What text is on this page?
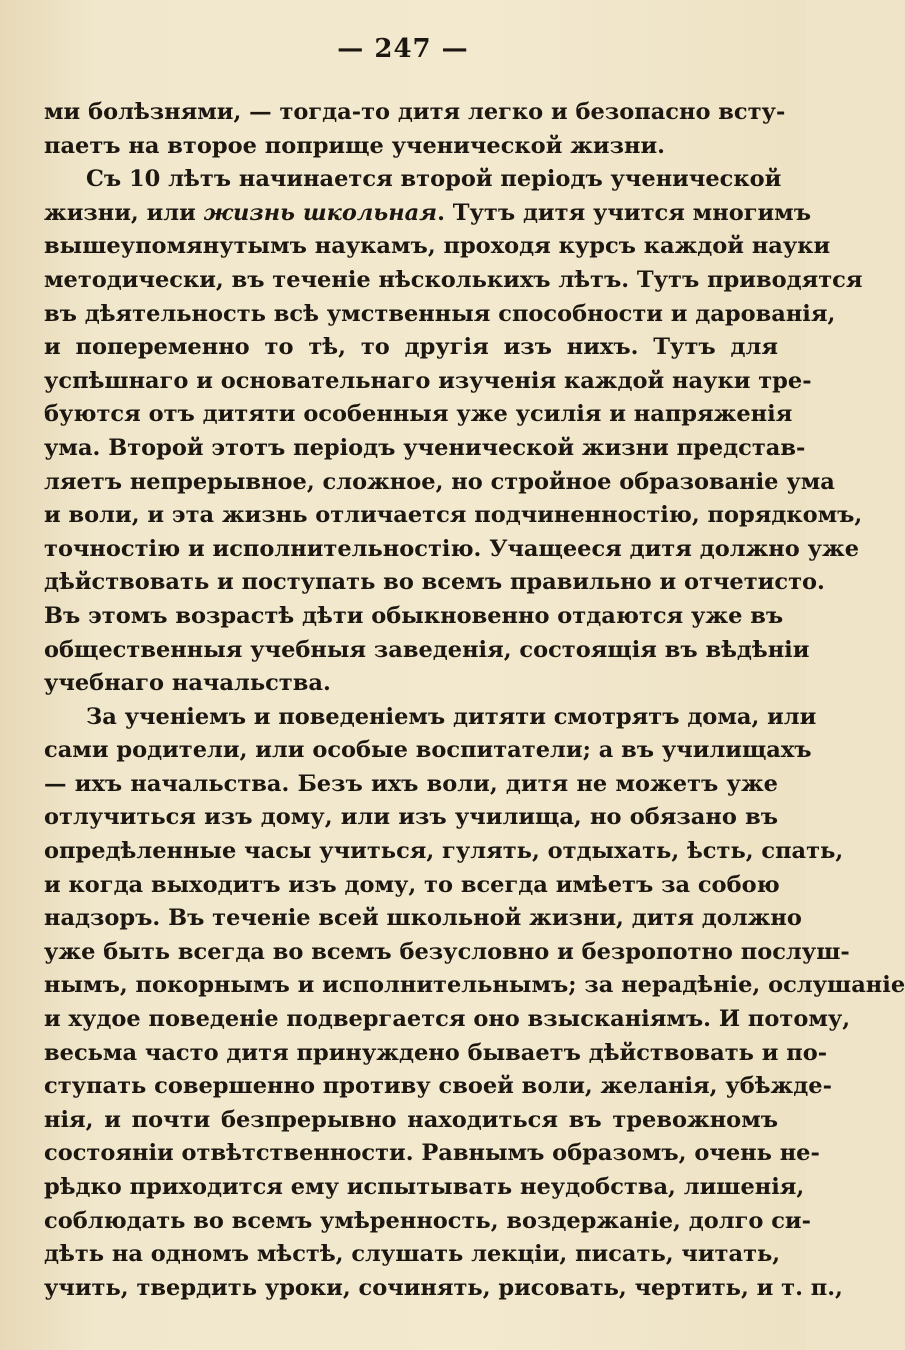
— 247 —
ми болѣзнями, — тогда-то дитя легко и безопасно всту-
паетъ на второе поприще ученической жизни.
Съ 10 лѣтъ начинается второй періодъ ученической
жизни, или жизнь школьная. Тутъ дитя учится многимъ
вышеупомянутымъ наукамъ, проходя курсъ каждой науки
методически, въ теченіе нѣсколькихъ лѣтъ. Тутъ приводятся
въ дѣятельность всѣ умственныя способности и дарованія,
и попеременно то тѣ, то другія изъ нихъ. Тутъ для
успѣшнаго и основательнаго изученія каждой науки тре-
буются отъ дитяти особенныя уже усилія и напряженія
ума. Второй этотъ періодъ ученической жизни представ-
ляетъ непрерывное, сложное, но стройное образованіе ума
и воли, и эта жизнь отличается подчиненностію, порядкомъ,
точностію и исполнительностію. Учащееся дитя должно уже
дѣйствовать и поступать во всемъ правильно и отчетисто.
Въ этомъ возрастѣ дѣти обыкновенно отдаются уже въ
общественныя учебныя заведенія, состоящія въ вѣдѣніи
учебнаго начальства.
За ученіемъ и поведеніемъ дитяти смотрятъ дома, или
сами родители, или особые воспитатели; а въ училищахъ
— ихъ начальства. Безъ ихъ воли, дитя не можетъ уже
отлучиться изъ дому, или изъ училища, но обязано въ
опредѣленные часы учиться, гулять, отдыхать, ѣсть, спать,
и когда выходитъ изъ дому, то всегда имѣетъ за собою
надзоръ. Въ теченіе всей школьной жизни, дитя должно
уже быть всегда во всемъ безусловно и безропотно послуш-
нымъ, покорнымъ и исполнительнымъ; за нерадѣніе, ослушаніе
и худое поведеніе подвергается оно взысканіямъ. И потому,
весьма часто дитя принуждено бываетъ дѣйствовать и по-
ступать совершенно противу своей воли, желанія, убѣжде-
нія, и почти безпрерывно находиться въ тревожномъ
состояніи отвѣтственности. Равнымъ образомъ, очень не-
рѣдко приходится ему испытывать неудобства, лишенія,
соблюдать во всемъ умѣренность, воздержаніе, долго си-
дѣть на одномъ мѣстѣ, слушать лекціи, писать, читать,
учить, твердить уроки, сочинять, рисовать, чертить, и т. п.,
